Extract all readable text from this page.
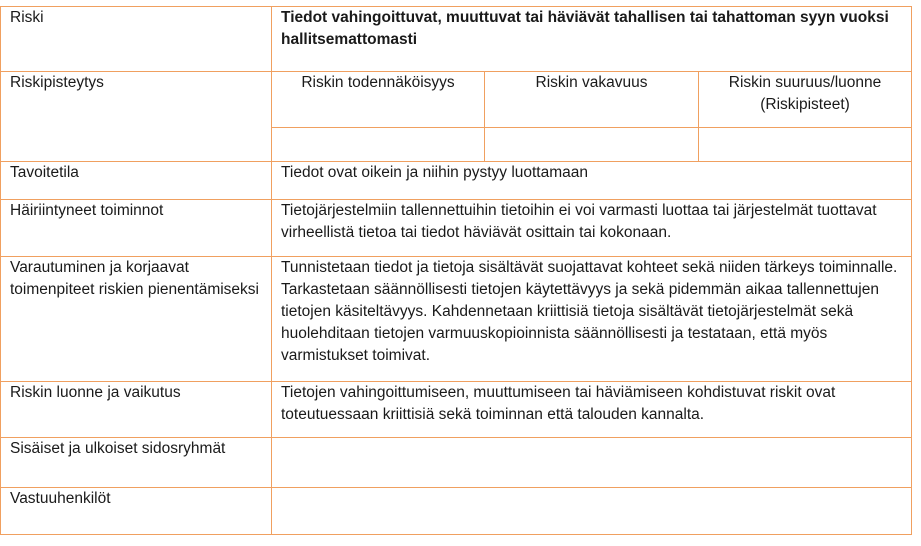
Riski	Tiedot vahingoittuvat, muuttuvat tai häviävät tahallisen tai tahattoman syyn vuoksi hallitsemattomasti		
Riskipisteytys	Riskin todennäköisyys	Riskin vakavuus	Riskin suuruus/luonne (Riskipisteet)

Tavoitetila	Tiedot ovat oikein ja niihin pystyy luottamaan		
Häiriintyneet toiminnot	Tietojärjestelmiin tallennettuihin tietoihin ei voi varmasti luottaa tai järjestelmät tuottavat virheellistä tietoa tai tiedot häviävät osittain tai kokonaan.		
Varautuminen ja korjaavat toimenpiteet riskien pienentämiseksi	Tunnistetaan tiedot ja tietoja sisältävät suojattavat kohteet sekä niiden tärkeys toiminnalle. Tarkastetaan säännöllisesti tietojen käytettävyys ja sekä pidemmän aikaa tallennettujen tietojen käsiteltävyys. Kahdennetaan kriittisiä tietoja sisältävät tietojärjestelmät sekä huolehditaan tietojen varmuuskopioinnista säännöllisesti ja testataan, että myös varmistukset toimivat.		
Riskin luonne ja vaikutus	Tietojen vahingoittumiseen, muuttumiseen tai häviämiseen kohdistuvat riskit ovat toteutuessaan kriittisiä sekä toiminnan että talouden kannalta.		
Sisäiset ja ulkoiset sidosryhmät			
Vastuuhenkilöt			
